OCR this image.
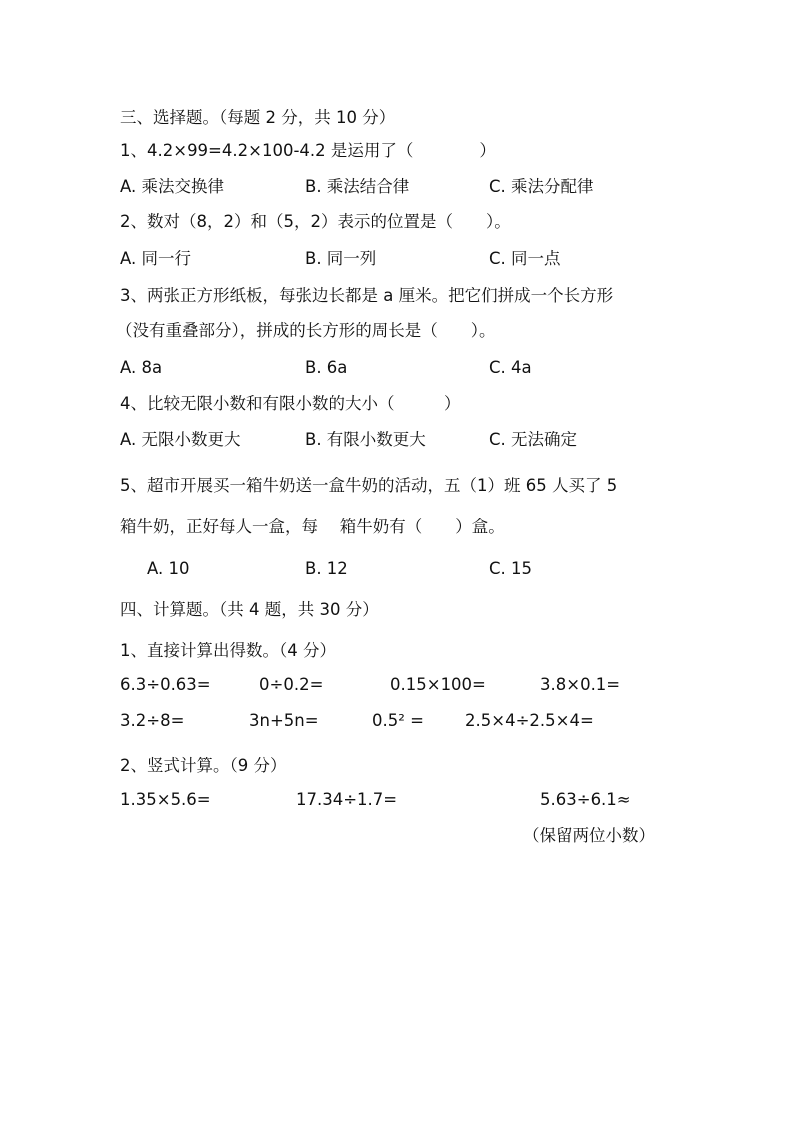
三、选择题。（每题 2 分，共 10 分）
1、4.2×99=4.2×100-4.2 是运用了（　　　　）
A. 乘法交换律	B. 乘法结合律	C. 乘法分配律
2、数对（8，2）和（5，2）表示的位置是（　　）。
A. 同一行	B. 同一列	C. 同一点
3、两张正方形纸板，每张边长都是 a 厘米。把它们拼成一个长方形
（没有重叠部分），拼成的长方形的周长是（　　）。
A. 8a	B. 6a	C. 4a
4、比较无限小数和有限小数的大小（　　　）
A. 无限小数更大	B. 有限小数更大	C. 无法确定
5、超市开展买一箱牛奶送一盒牛奶的活动，五（1）班 65 人买了 5
箱牛奶，正好每人一盒，每　 箱牛奶有（　　）盒。
A. 10	B. 12	C. 15
四、计算题。（共 4 题，共 30 分）
1、直接计算出得数。（4 分）
6.3÷0.63=	0÷0.2=	0.15×100=	3.8×0.1=
3.2÷8=	3n+5n=	0.5² = 2.5×4÷2.5×4=
2、竖式计算。（9 分）
1.35×5.6=	17.34÷1.7=	5.63÷6.1≈
（保留两位小数）
